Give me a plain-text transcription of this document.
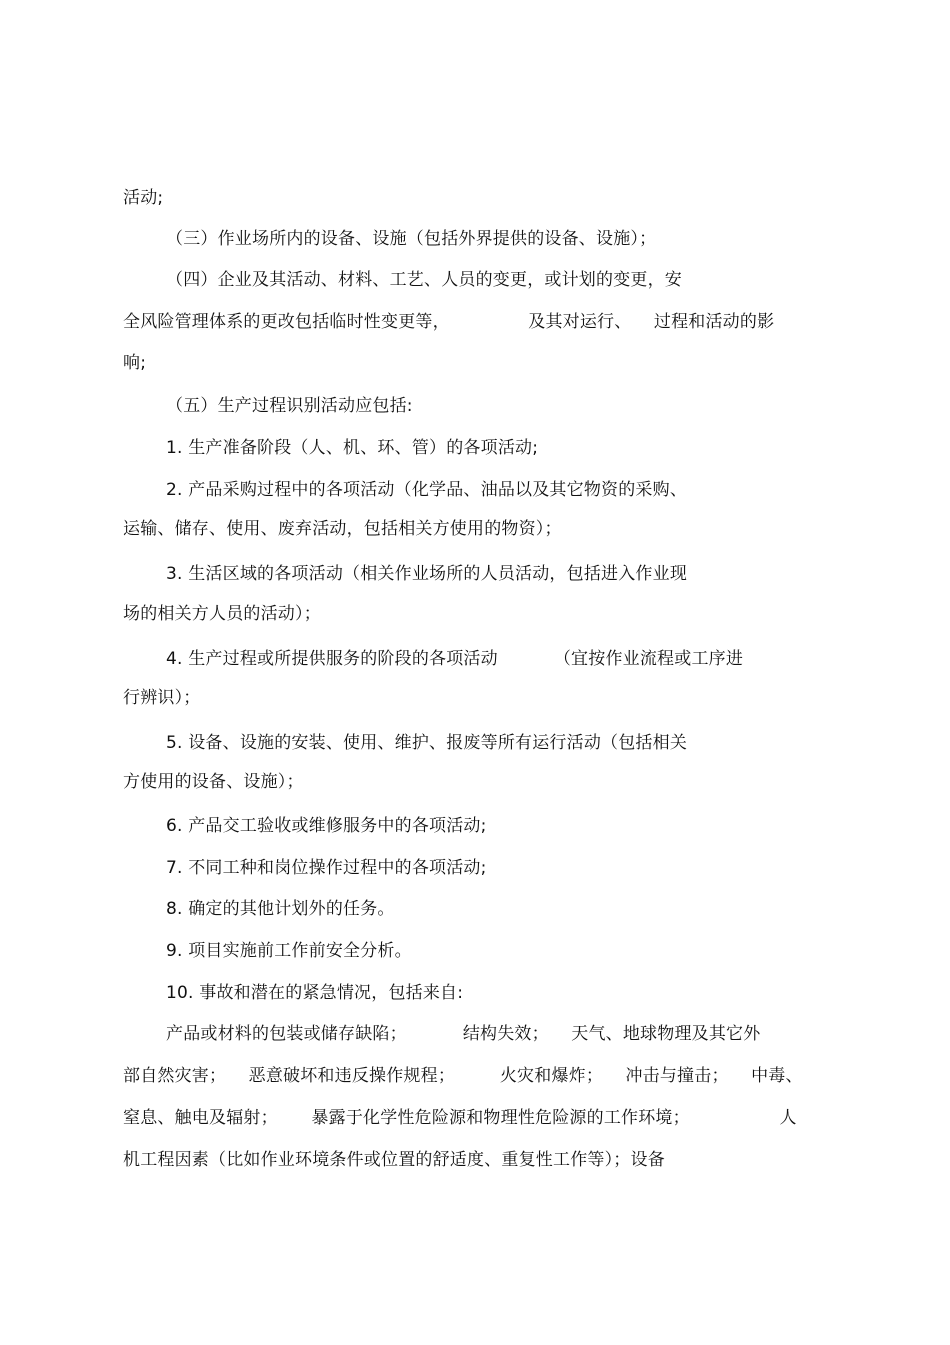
活动;
（三）作业场所内的设备、设施（包括外界提供的设备、设施）；
（四）企业及其活动、材料、工艺、人员的变更，或计划的变更，安
全风险管理体系的更改包括临时性变更等，              及其对运行、    过程和活动的影
响;
（五）生产过程识别活动应包括:
1. 生产准备阶段（人、机、环、管）的各项活动;
2. 产品采购过程中的各项活动（化学品、油品以及其它物资的采购、
运输、储存、使用、废弃活动，包括相关方使用的物资）；
3. 生活区域的各项活动（相关作业场所的人员活动，包括进入作业现
场的相关方人员的活动）；
4. 生产过程或所提供服务的阶段的各项活动          （宜按作业流程或工序进
行辨识）；
5. 设备、设施的安装、使用、维护、报废等所有运行活动（包括相关
方使用的设备、设施）；
6. 产品交工验收或维修服务中的各项活动;
7. 不同工种和岗位操作过程中的各项活动;
8. 确定的其他计划外的任务。
9. 项目实施前工作前安全分析。
10. 事故和潜在的紧急情况，包括来自:
产品或材料的包装或储存缺陷；          结构失效；    天气、地球物理及其它外
部自然灾害；    恶意破坏和违反操作规程；        火灾和爆炸；    冲击与撞击；    中毒、
窒息、触电及辐射；      暴露于化学性危险源和物理性危险源的工作环境；                人
机工程因素（比如作业环境条件或位置的舒适度、重复性工作等）；设备
